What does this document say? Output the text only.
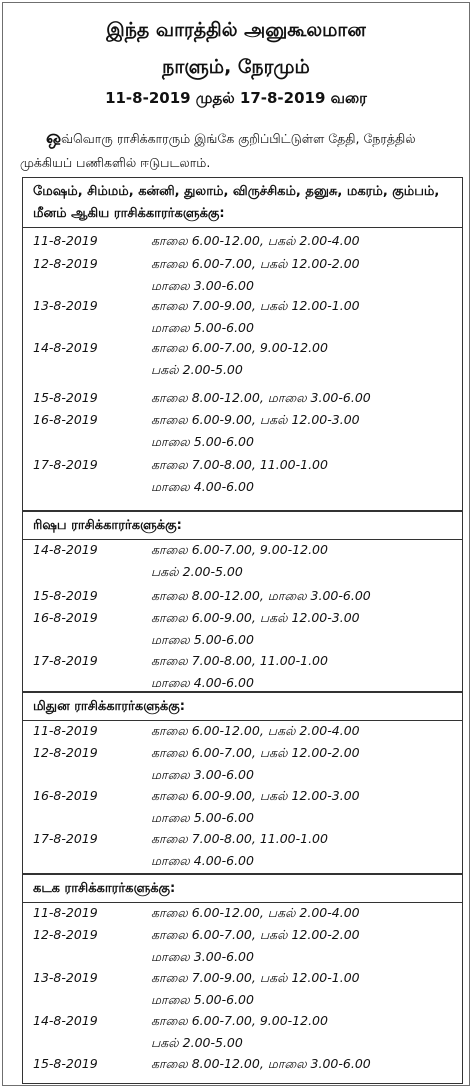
இந்த வாரத்தில் அனுகூலமான
நாளும், நேரமும்
11-8-2019 முதல் 17-8-2019 வரை
ஒவ்வொரு ராசிக்காரரும் இங்கே குறிப்பிட்டுள்ள தேதி, நேரத்தில் முக்கியப் பணிகளில் ஈடுபடலாம்.
மேஷம், சிம்மம், கன்னி, துலாம், விருச்சிகம், தனுசு, மகரம், கும்பம், மீனம் ஆகிய ராசிக்காரர்களுக்கு:
11-8-2019	காலை 6.00-12.00, பகல் 2.00-4.00
12-8-2019	காலை 6.00-7.00, பகல் 12.00-2.00
மாலை 3.00-6.00
13-8-2019	காலை 7.00-9.00, பகல் 12.00-1.00
மாலை 5.00-6.00
14-8-2019	காலை 6.00-7.00, 9.00-12.00
பகல் 2.00-5.00
15-8-2019	காலை 8.00-12.00, மாலை 3.00-6.00
16-8-2019	காலை 6.00-9.00, பகல் 12.00-3.00
மாலை 5.00-6.00
17-8-2019	காலை 7.00-8.00, 11.00-1.00
மாலை 4.00-6.00
ரிஷப ராசிக்காரர்களுக்கு:
14-8-2019	காலை 6.00-7.00, 9.00-12.00
பகல் 2.00-5.00
15-8-2019	காலை 8.00-12.00, மாலை 3.00-6.00
16-8-2019	காலை 6.00-9.00, பகல் 12.00-3.00
மாலை 5.00-6.00
17-8-2019	காலை 7.00-8.00, 11.00-1.00
மாலை 4.00-6.00
மிதுன ராசிக்காரர்களுக்கு:
11-8-2019	காலை 6.00-12.00, பகல் 2.00-4.00
12-8-2019	காலை 6.00-7.00, பகல் 12.00-2.00
மாலை 3.00-6.00
16-8-2019	காலை 6.00-9.00, பகல் 12.00-3.00
மாலை 5.00-6.00
17-8-2019	காலை 7.00-8.00, 11.00-1.00
மாலை 4.00-6.00
கடக ராசிக்காரர்களுக்கு:
11-8-2019	காலை 6.00-12.00, பகல் 2.00-4.00
12-8-2019	காலை 6.00-7.00, பகல் 12.00-2.00
மாலை 3.00-6.00
13-8-2019	காலை 7.00-9.00, பகல் 12.00-1.00
மாலை 5.00-6.00
14-8-2019	காலை 6.00-7.00, 9.00-12.00
பகல் 2.00-5.00
15-8-2019	காலை 8.00-12.00, மாலை 3.00-6.00
